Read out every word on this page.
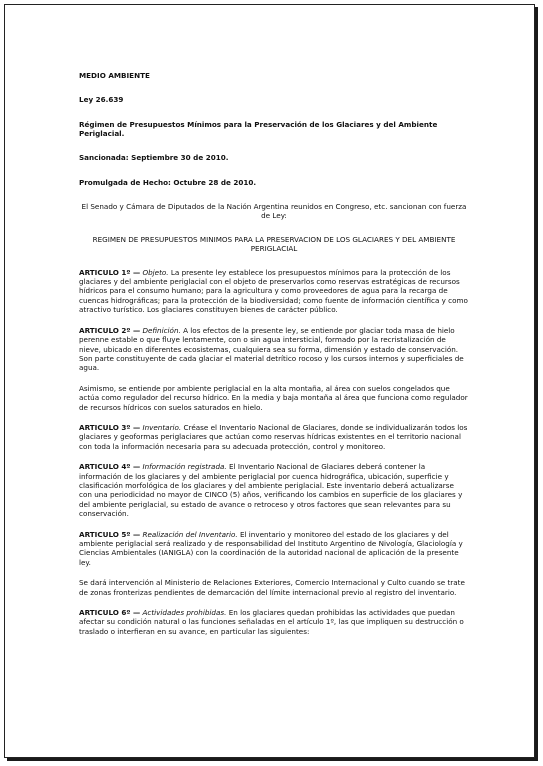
MEDIO AMBIENTE
Ley 26.639
Régimen de Presupuestos Mínimos para la Preservación de los Glaciares y del Ambiente Periglacial.
Sancionada: Septiembre 30 de 2010.
Promulgada de Hecho: Octubre 28 de 2010.
El Senado y Cámara de Diputados de la Nación Argentina reunidos en Congreso, etc. sancionan con fuerza de Ley:
REGIMEN DE PRESUPUESTOS MINIMOS PARA LA PRESERVACION DE LOS GLACIARES Y DEL AMBIENTE PERIGLACIAL
ARTICULO 1º — Objeto. La presente ley establece los presupuestos mínimos para la protección de los glaciares y del ambiente periglacial con el objeto de preservarlos como reservas estratégicas de recursos hídricos para el consumo humano; para la agricultura y como proveedores de agua para la recarga de cuencas hidrográficas; para la protección de la biodiversidad; como fuente de información científica y como atractivo turístico. Los glaciares constituyen bienes de carácter público.
ARTICULO 2º — Definición. A los efectos de la presente ley, se entiende por glaciar toda masa de hielo perenne estable o que fluye lentamente, con o sin agua intersticial, formado por la recristalización de nieve, ubicado en diferentes ecosistemas, cualquiera sea su forma, dimensión y estado de conservación. Son parte constituyente de cada glaciar el material detrítico rocoso y los cursos internos y superficiales de agua.
Asimismo, se entiende por ambiente periglacial en la alta montaña, al área con suelos congelados que actúa como regulador del recurso hídrico. En la media y baja montaña al área que funciona como regulador de recursos hídricos con suelos saturados en hielo.
ARTICULO 3º — Inventario. Créase el Inventario Nacional de Glaciares, donde se individualizarán todos los glaciares y geoformas periglaciares que actúan como reservas hídricas existentes en el territorio nacional con toda la información necesaria para su adecuada protección, control y monitoreo.
ARTICULO 4º — Información registrada. El Inventario Nacional de Glaciares deberá contener la información de los glaciares y del ambiente periglacial por cuenca hidrográfica, ubicación, superficie y clasificación morfológica de los glaciares y del ambiente periglacial. Este inventario deberá actualizarse con una periodicidad no mayor de CINCO (5) años, verificando los cambios en superficie de los glaciares y del ambiente periglacial, su estado de avance o retroceso y otros factores que sean relevantes para su conservación.
ARTICULO 5º — Realización del Inventario. El inventario y monitoreo del estado de los glaciares y del ambiente periglacial será realizado y de responsabilidad del Instituto Argentino de Nivología, Glaciología y Ciencias Ambientales (IANIGLA) con la coordinación de la autoridad nacional de aplicación de la presente ley.
Se dará intervención al Ministerio de Relaciones Exteriores, Comercio Internacional y Culto cuando se trate de zonas fronterizas pendientes de demarcación del límite internacional previo al registro del inventario.
ARTICULO 6º — Actividades prohibidas. En los glaciares quedan prohibidas las actividades que puedan afectar su condición natural o las funciones señaladas en el artículo 1º, las que impliquen su destrucción o traslado o interfieran en su avance, en particular las siguientes:
